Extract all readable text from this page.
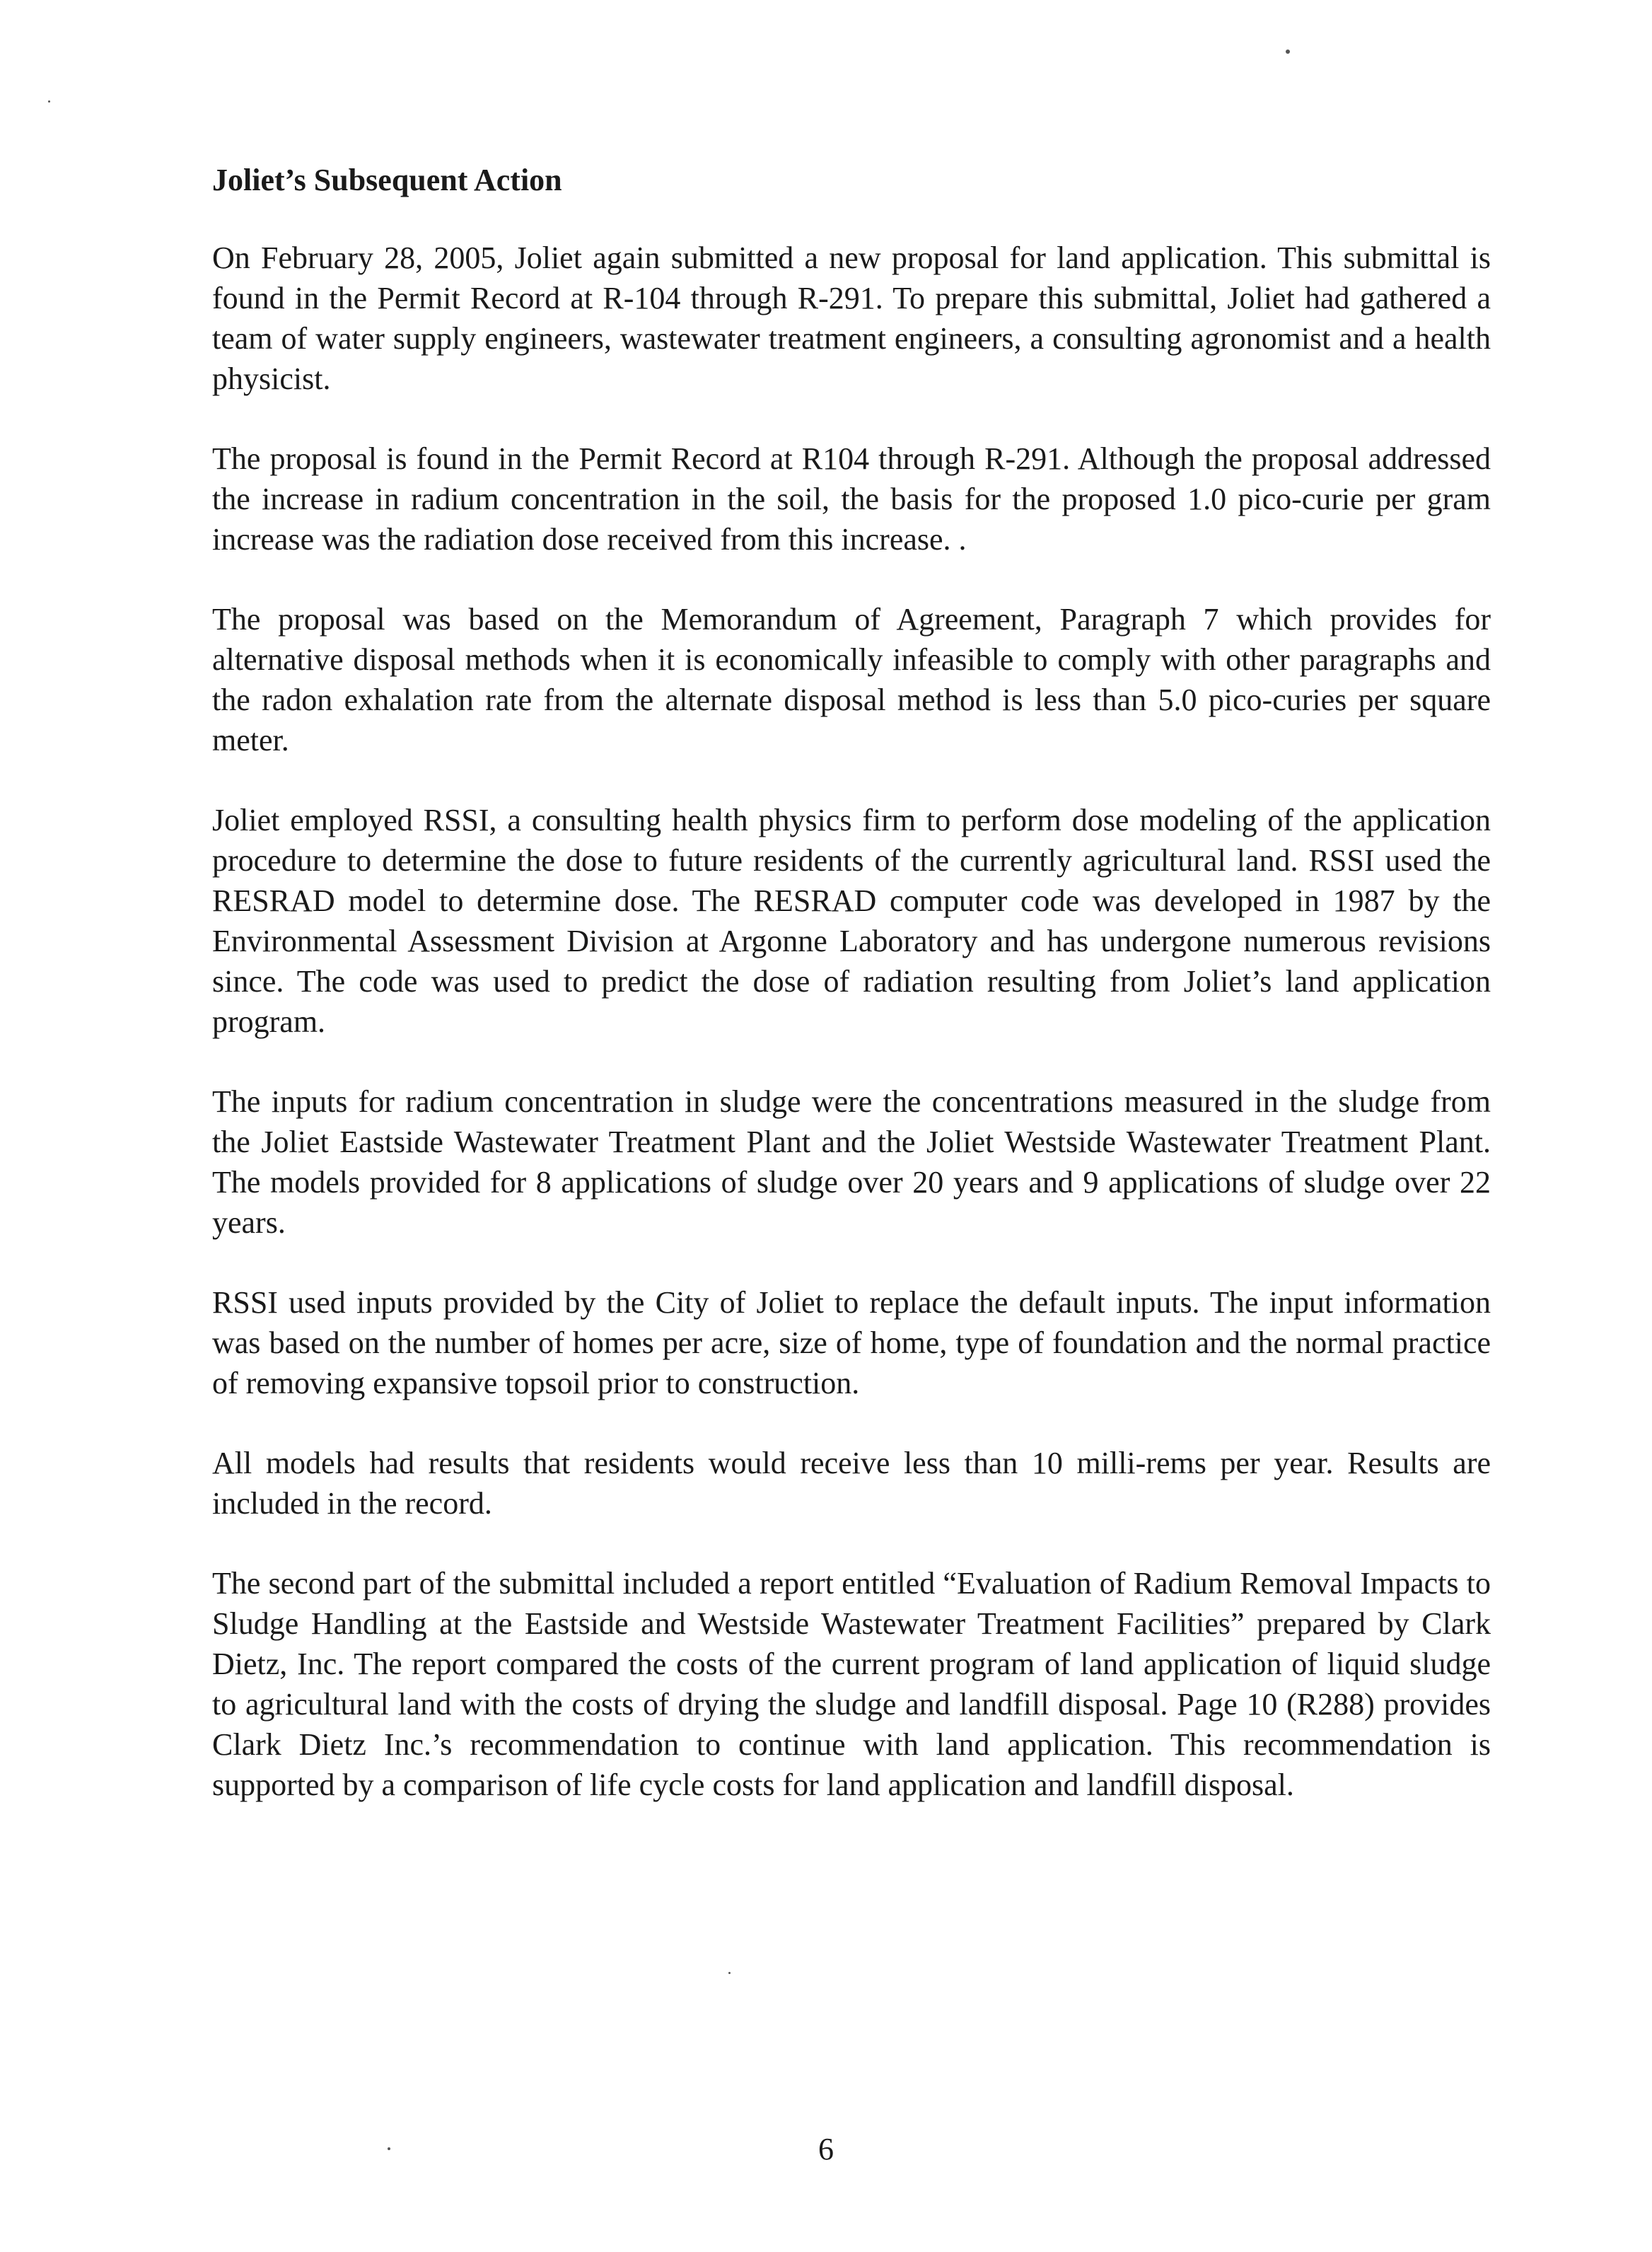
Joliet’s Subsequent Action

On February 28, 2005, Joliet again submitted a new proposal for land application. This submittal is found in the Permit Record at R-104 through R-291. To prepare this submittal, Joliet had gathered a team of water supply engineers, wastewater treatment engineers, a consulting agronomist and a health physicist.

The proposal is found in the Permit Record at R104 through R-291. Although the proposal addressed the increase in radium concentration in the soil, the basis for the proposed 1.0 pico-curie per gram increase was the radiation dose received from this increase. .

The proposal was based on the Memorandum of Agreement, Paragraph 7 which provides for alternative disposal methods when it is economically infeasible to comply with other paragraphs and the radon exhalation rate from the alternate disposal method is less than 5.0 pico-curies per square meter.

Joliet employed RSSI, a consulting health physics firm to perform dose modeling of the application procedure to determine the dose to future residents of the currently agricultural land. RSSI used the RESRAD model to determine dose. The RESRAD computer code was developed in 1987 by the Environmental Assessment Division at Argonne Laboratory and has undergone numerous revisions since. The code was used to predict the dose of radiation resulting from Joliet’s land application program.

The inputs for radium concentration in sludge were the concentrations measured in the sludge from the Joliet Eastside Wastewater Treatment Plant and the Joliet Westside Wastewater Treatment Plant. The models provided for 8 applications of sludge over 20 years and 9 applications of sludge over 22 years.

RSSI used inputs provided by the City of Joliet to replace the default inputs. The input information was based on the number of homes per acre, size of home, type of foundation and the normal practice of removing expansive topsoil prior to construction.

All models had results that residents would receive less than 10 milli-rems per year. Results are included in the record.

The second part of the submittal included a report entitled “Evaluation of Radium Removal Impacts to Sludge Handling at the Eastside and Westside Wastewater Treatment Facilities” prepared by Clark Dietz, Inc. The report compared the costs of the current program of land application of liquid sludge to agricultural land with the costs of drying the sludge and landfill disposal. Page 10 (R288) provides Clark Dietz Inc.’s recommendation to continue with land application. This recommendation is supported by a comparison of life cycle costs for land application and landfill disposal.

6
